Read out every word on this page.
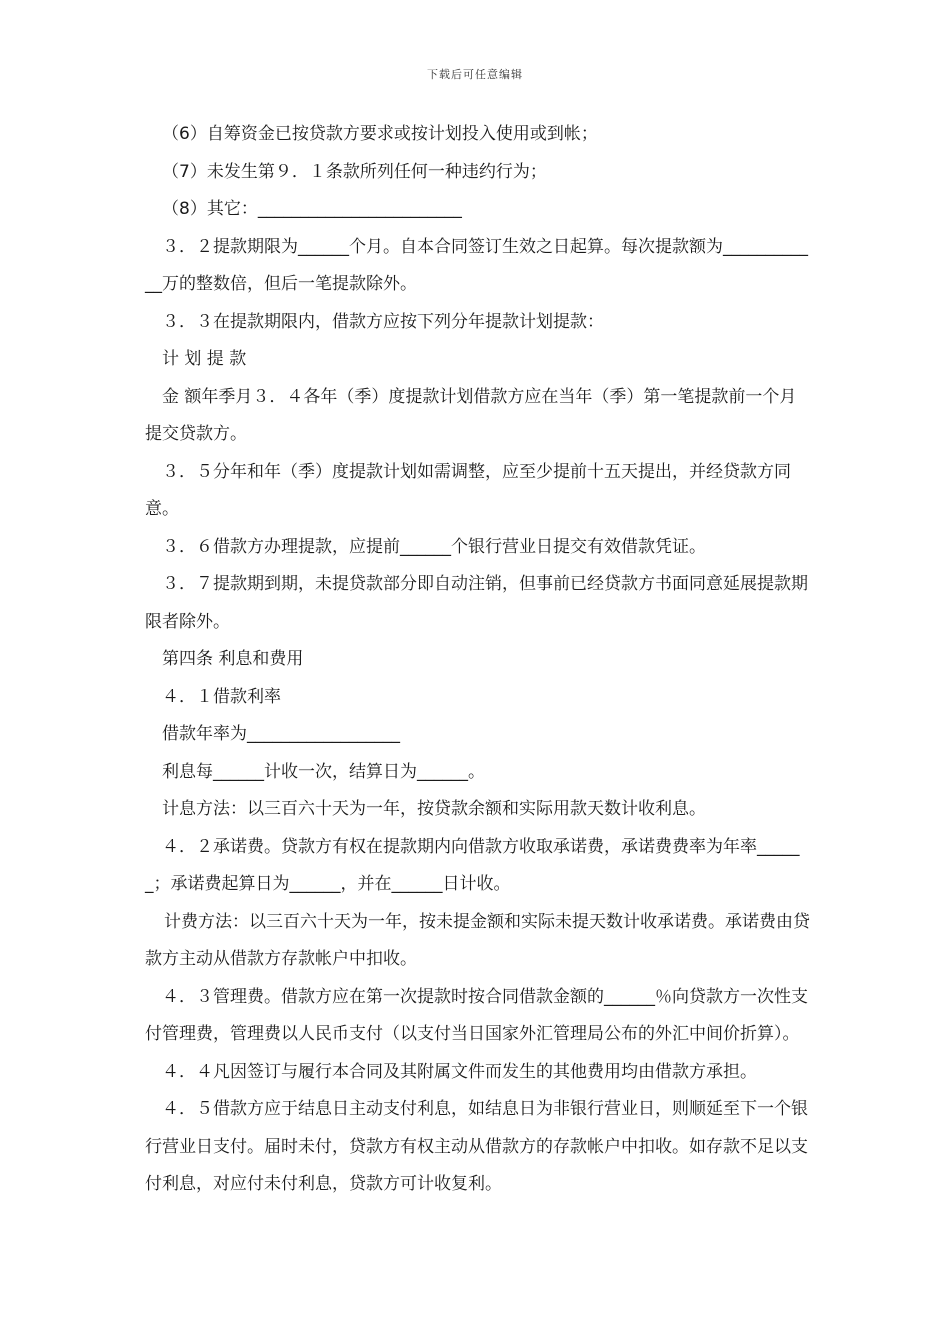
下载后可任意编辑

（6）自筹资金已按贷款方要求或按计划投入使用或到帐；

（7）未发生第９．１条款所列任何一种违约行为；

（8）其它：________________________

３．２提款期限为______个月。自本合同签订生效之日起算。每次提款额为____________万的整数倍，但后一笔提款除外。

３．３在提款期限内，借款方应按下列分年提款计划提款：

计 划 提 款

金 额年季月３．４各年（季）度提款计划借款方应在当年（季）第一笔提款前一个月提交贷款方。

３．５分年和年（季）度提款计划如需调整，应至少提前十五天提出，并经贷款方同意。

３．６借款方办理提款，应提前______个银行营业日提交有效借款凭证。

３．７提款期到期，未提贷款部分即自动注销，但事前已经贷款方书面同意延展提款期限者除外。

第四条 利息和费用

４．１借款利率

借款年率为__________________

利息每______计收一次，结算日为______。

计息方法：以三百六十天为一年，按贷款余额和实际用款天数计收利息。

４．２承诺费。贷款方有权在提款期内向借款方收取承诺费，承诺费费率为年率______；承诺费起算日为______，并在______日计收。

计费方法：以三百六十天为一年，按未提金额和实际未提天数计收承诺费。承诺费由贷款方主动从借款方存款帐户中扣收。

４．３管理费。借款方应在第一次提款时按合同借款金额的______％向贷款方一次性支付管理费，管理费以人民币支付（以支付当日国家外汇管理局公布的外汇中间价折算）。

４．４凡因签订与履行本合同及其附属文件而发生的其他费用均由借款方承担。

４．５借款方应于结息日主动支付利息，如结息日为非银行营业日，则顺延至下一个银行营业日支付。届时未付，贷款方有权主动从借款方的存款帐户中扣收。如存款不足以支付利息，对应付未付利息，贷款方可计收复利。
